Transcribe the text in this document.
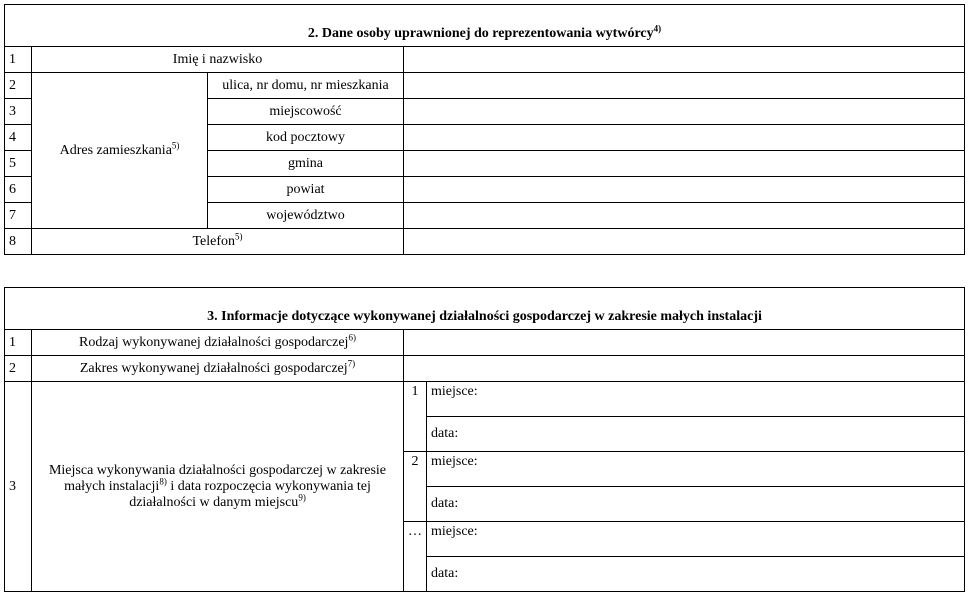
2. Dane osoby uprawnionej do reprezentowania wytwórcy$^{4)}$
1	Imię i nazwisko		
2	Adres zamieszkania$^{5)}$	ulica, nr domu, nr mieszkania	
3		miejscowość	
4		kod pocztowy	
5		gmina	
6		powiat	
7		województwo	
8	Telefon$^{5)}$	
3. Informacje dotyczące wykonywanej działalności gospodarczej w zakresie małych instalacji			
1	Rodzaj wykonywanej działalności gospodarczej$^{6)}$	
2	Zakres wykonywanej działalności gospodarczej$^{7)}$	
3	Miejsca wykonywania działalności gospodarczej w zakresie małych instalacji$^{8)}$ i data rozpoczęcia wykonywania tej działalności w danym miejscu$^{9)}$	1	miejsce:
			data:
		2	miejsce:
			data:
		…	miejsce:
			data:
